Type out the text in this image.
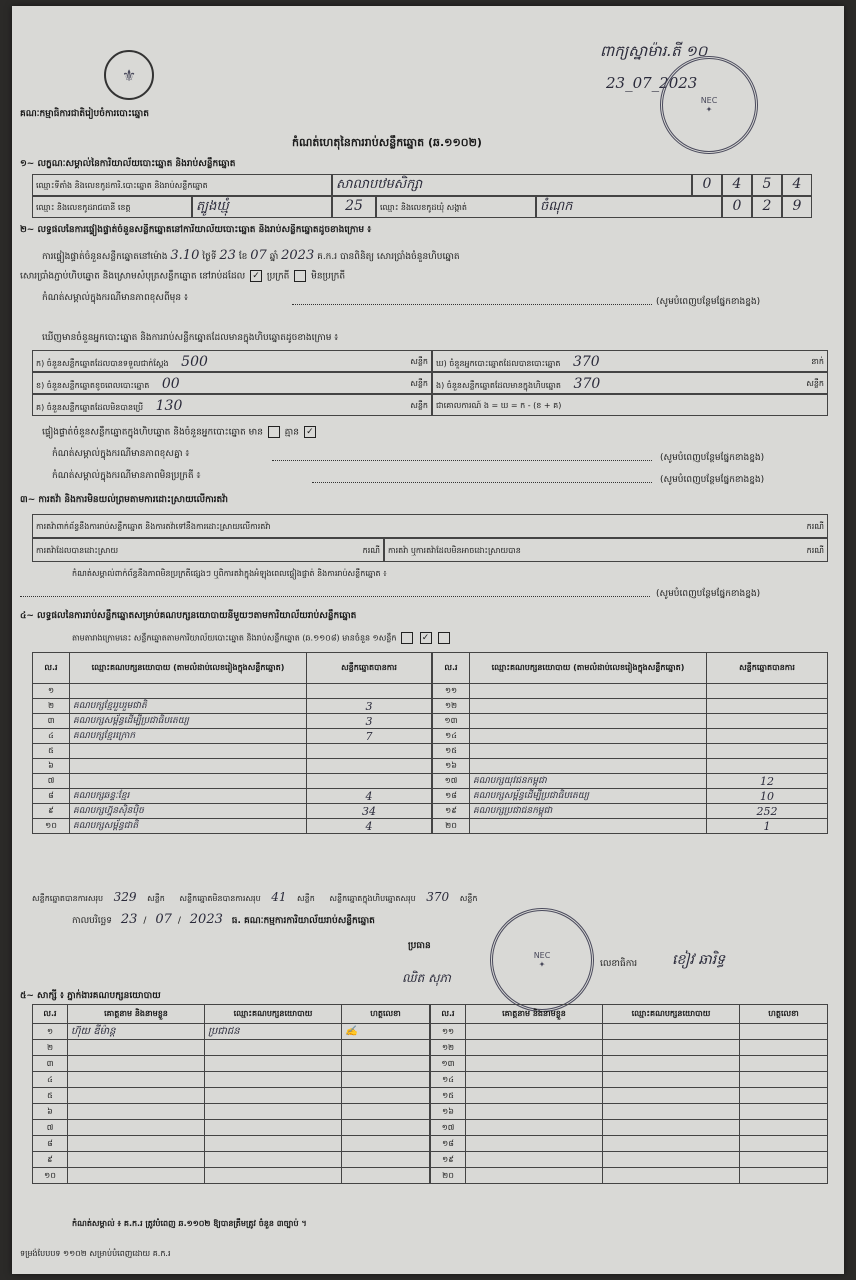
⚜
គណៈកម្មាធិការជាតិរៀបចំការបោះឆ្នោត
ពាក្យស្នាម៉ារ.តី ១០
23_07_2023
NEC
✦
កំណត់ហេតុនៃការរាប់សន្លឹកឆ្នោត (ឆ.១១០២)
១~ លក្ខណៈសម្គាល់នៃការិយាល័យបោះឆ្នោត និងរាប់សន្លឹកឆ្នោត
ឈ្មោះទីតាំង និងលេខកូដការិ.បោះឆ្នោត និងរាប់សន្លឹកឆ្នោត	សាលាបឋមសិក្សា	0	4	5	4
ឈ្មោះ និងលេខកូដរាជធានី ខេត្ត	ត្បូងឃ្មុំ	25	ឈ្មោះ និងលេខកូដឃុំ សង្កាត់	ចំណុក	0	2	9
២~ លទ្ធផលនៃការផ្ទៀងផ្ទាត់ចំនួនសន្លឹកឆ្នោតនៅការិយាល័យបោះឆ្នោត និងរាប់សន្លឹកឆ្នោតដូចខាងក្រោម ៖
ការផ្ទៀងផ្ទាត់ចំនួនសន្លឹកឆ្នោតនៅម៉ោង 3.10 ថ្ងៃទី 23 ខែ 07 ឆ្នាំ 2023 គ.ក.រ បានពិនិត្យ សោរប្រាំងចំនួនហិបឆ្នោត
សោរប្រាំងភ្ជាប់ហិបឆ្នោត និងស្រោមសំបុត្រសន្លឹកឆ្នោត នៅរាប់ដដែល ✓ ប្រក្រតី មិនប្រក្រតី
កំណត់សម្គាល់ក្នុងករណីមានភាពខុសពីមុន ៖	(សូមបំពេញបន្ថែមផ្នែកខាងខ្នង)
ឃើញមានចំនួនអ្នកបោះឆ្នោត និងការរាប់សន្លឹកឆ្នោតដែលមានក្នុងហិបឆ្នោតដូចខាងក្រោម ៖
ក) ចំនួនសន្លឹកឆ្នោតដែលបានទទួលជាក់ស្តែង 500	សន្លឹក	ឃ) ចំនួនអ្នកបោះឆ្នោតដែលបានបោះឆ្នោត 370	នាក់
ខ) ចំនួនសន្លឹកឆ្នោតខូចពេលបោះឆ្នោត 00	សន្លឹក	ង) ចំនួនសន្លឹកឆ្នោតដែលមានក្នុងហិបឆ្នោត 370	សន្លឹក
គ) ចំនួនសន្លឹកឆ្នោតដែលមិនបានប្រើ 130	សន្លឹក	ជាគោលការណ៍ ង = ឃ = ក - (ខ + គ)
ផ្ទៀងផ្ទាត់ចំនួនសន្លឹកឆ្នោតក្នុងហិបឆ្នោត និងចំនួនអ្នកបោះឆ្នោត មាន គ្មាន ✓
កំណត់សម្គាល់ក្នុងករណីមានភាពខុសគ្នា ៖	(សូមបំពេញបន្ថែមផ្នែកខាងខ្នង)
កំណត់សម្គាល់ក្នុងករណីមានភាពមិនប្រក្រតី ៖	(សូមបំពេញបន្ថែមផ្នែកខាងខ្នង)
៣~ ការតវ៉ា និងការមិនយល់ព្រមតាមការដោះស្រាយលើការតវ៉ា
ការតវ៉ាពាក់ព័ន្ធនឹងការរាប់សន្លឹកឆ្នោត និងការតវ៉ាទៅនឹងការដោះស្រាយលើការតវ៉ា	ករណី
ការតវ៉ាដែលបានដោះស្រាយ	ករណី	ការតវ៉ា ឬការតវ៉ាដែលមិនអាចដោះស្រាយបាន	ករណី
កំណត់សម្គាល់ពាក់ព័ន្ធនឹងភាពមិនប្រក្រតីផ្សេងៗ ឬពិការតវ៉ាក្នុងអំឡុងពេលផ្ទៀងផ្ទាត់ និងការរាប់សន្លឹកឆ្នោត ៖
(សូមបំពេញបន្ថែមផ្នែកខាងខ្នង)
៤~ លទ្ធផលនៃការរាប់សន្លឹកឆ្នោតសម្រាប់គណបក្សនយោបាយនីមួយៗតាមការិយាល័យរាប់សន្លឹកឆ្នោត
តាមតារាងក្រោមនេះ សន្លឹកឆ្នោតតាមការិយាល័យបោះឆ្នោត និងរាប់សន្លឹកឆ្នោត (ឆ.១១០៨) មានចំនួន ១សន្លឹក	✓
ល.រ	ឈ្មោះគណបក្សនយោបាយ (តាមលំដាប់លេខរៀងក្នុងសន្លឹកឆ្នោត)	សន្លឹកឆ្នោតបានការ
១		
២	គណបក្សខ្មែររួបរួមជាតិ	3
៣	គណបក្សសម្ព័ន្ធដើម្បីប្រជាធិបតេយ្យ	3
៤	គណបក្សខ្មែរក្រោក	7
៥		
៦		
៧		
៨	គណបក្សឆន្ទៈខ្មែរ	4
៩	គណបក្សហ្វ៊ុនស៊ិនប៉ិច	34
១០	គណបក្សសម្ព័ន្ធជាតិ	4
ល.រ	ឈ្មោះគណបក្សនយោបាយ (តាមលំដាប់លេខរៀងក្នុងសន្លឹកឆ្នោត)	សន្លឹកឆ្នោតបានការ
១១		
១២		
១៣		
១៤		
១៥		
១៦		
១៧	គណបក្សយុវជនកម្ពុជា	12
១៨	គណបក្សសម្ព័ន្ធដើម្បីប្រជាធិបតេយ្យ	10
១៩	គណបក្សប្រជាជនកម្ពុជា	252
២០		1
សន្លឹកឆ្នោតបានការសរុប 329 សន្លឹក សន្លឹកឆ្នោតមិនបានការសរុប 41 សន្លឹក សន្លឹកឆ្នោតក្នុងហិបឆ្នោតសរុប 370 សន្លឹក
កាលបរិច្ឆេទ 23 / 07 / 2023 ធ. គណៈកម្មការការិយាល័យរាប់សន្លឹកឆ្នោត
ប្រធាន
ឈិត សុភា
NEC
✦	លេខាធិការ ខៀវ ឆារិទ្ធ
៥~ សាក្សី ៖ ភ្នាក់ងារគណបក្សនយោបាយ
ល.រ	គោត្តនាម និងនាមខ្លួន	ឈ្មោះគណបក្សនយោបាយ	ហត្ថលេខា
១	ហ៊ុយ ឌីម៉ាន្ត	ប្រជាជន	✍
២			
៣			
៤			
៥			
៦			
៧			
៨			
៩			
១០			
ល.រ	គោត្តនាម និងនាមខ្លួន	ឈ្មោះគណបក្សនយោបាយ	ហត្ថលេខា
១១			
១២			
១៣			
១៤			
១៥			
១៦			
១៧			
១៨			
១៩			
២០			
កំណត់សម្គាល់ ៖ គ.ក.រ ត្រូវបំពេញ ឆ.១១០២ ឱ្យបានត្រឹមត្រូវ ចំនួន ៣ច្បាប់ ។
ទម្រង់បែបបទ ១១០២ សម្រាប់បំពេញដោយ គ.ក.រ
